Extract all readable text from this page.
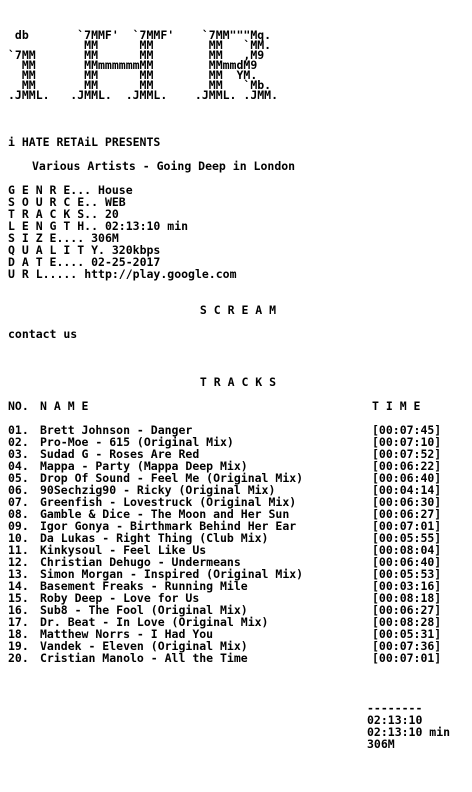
db       `7MMF'  `7MMF'    `7MM"""Mq.
MM      MM        MM   `MM.
`7MM       MM      MM        MM   ,M9
MM       MMmmmmmmMM        MMmmdM9
MM       MM      MM        MM  YM.
MM       MM      MM        MM   `Mb.
.JMML.   .JMML.  .JMML.    .JMML. .JMM.
i HATE RETAiL PRESENTS
Various Artists - Going Deep in London
G E N R E... House
S O U R C E.. WEB
T R A C K S.. 20
L E N G T H.. 02:13:10 min
S I Z E.... 306M
Q U A L I T Y. 320kbps
D A T E.... 02-25-2017
U R L..... http://play.google.com
S C R E A M
contact us
T R A C K S
NO. N A M E	T I M E
01. Brett Johnson - Danger	[00:07:45]
02. Pro-Moe - 615 (Original Mix)	[00:07:10]
03. Sudad G - Roses Are Red	[00:07:52]
04. Mappa - Party (Mappa Deep Mix)	[00:06:22]
05. Drop Of Sound - Feel Me (Original Mix)	[00:06:40]
06. 90Sechzig90 - Ricky (Original Mix)	[00:04:14]
07. Greenfish - Lovestruck (Original Mix)	[00:06:30]
08. Gamble & Dice - The Moon and Her Sun	[00:06:27]
09. Igor Gonya - Birthmark Behind Her Ear	[00:07:01]
10. Da Lukas - Right Thing (Club Mix)	[00:05:55]
11. Kinkysoul - Feel Like Us	[00:08:04]
12. Christian Dehugo - Undermeans	[00:06:40]
13. Simon Morgan - Inspired (Original Mix)	[00:05:53]
14. Basement Freaks - Running Mile	[00:03:16]
15. Roby Deep - Love for Us	[00:08:18]
16. Sub8 - The Fool (Original Mix)	[00:06:27]
17. Dr. Beat - In Love (Original Mix)	[00:08:28]
18. Matthew Norrs - I Had You	[00:05:31]
19. Vandek - Eleven (Original Mix)	[00:07:36]
20. Cristian Manolo - All the Time	[00:07:01]
--------
02:13:10
02:13:10 min
306M
